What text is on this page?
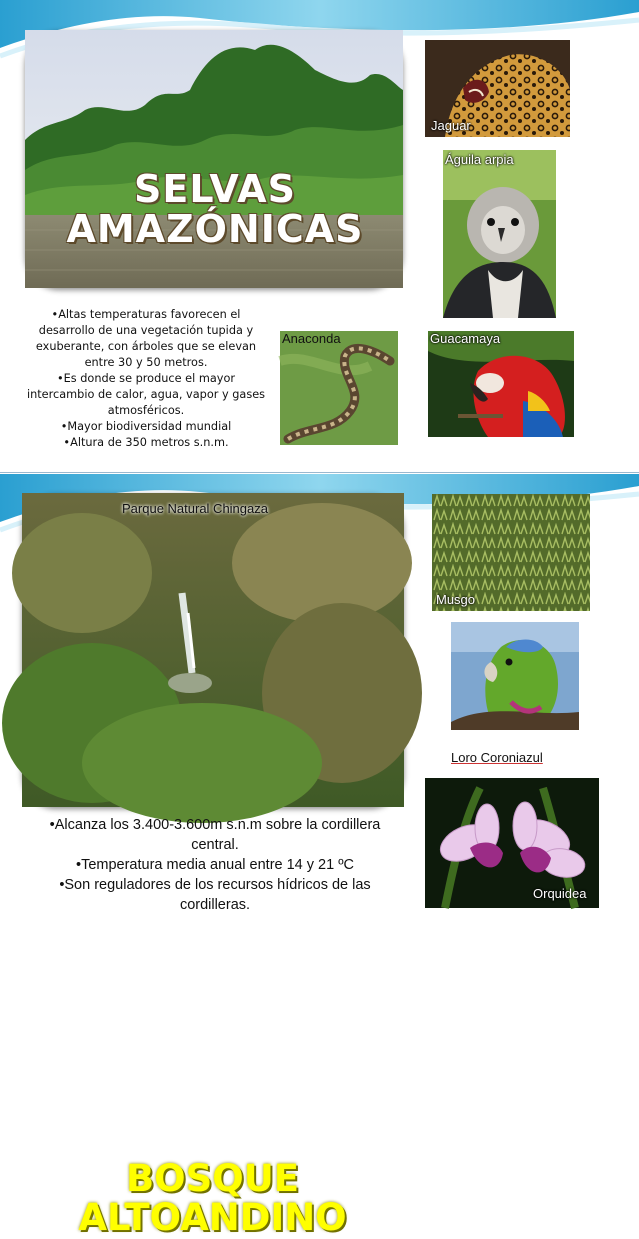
SELVAS AMAZÓNICAS
Jaguar
Águila arpia
Anaconda	Guacamaya
•Altas temperaturas favorecen el desarrollo de una vegetación tupida y exuberante, con árboles que se elevan entre 30 y 50 metros.
•Es donde se produce el mayor intercambio de calor, agua, vapor y gases atmosféricos.
•Mayor biodiversidad mundial
•Altura de 350 metros s.n.m.
Parque Natural Chingaza
BOSQUE ALTOANDINO
Musgo
Loro Coroniazul
Orquidea
•Alcanza los 3.400-3.600m s.n.m sobre la cordillera central.
•Temperatura media anual entre 14 y 21 ºC
•Son reguladores de los recursos hídricos de las cordilleras.
